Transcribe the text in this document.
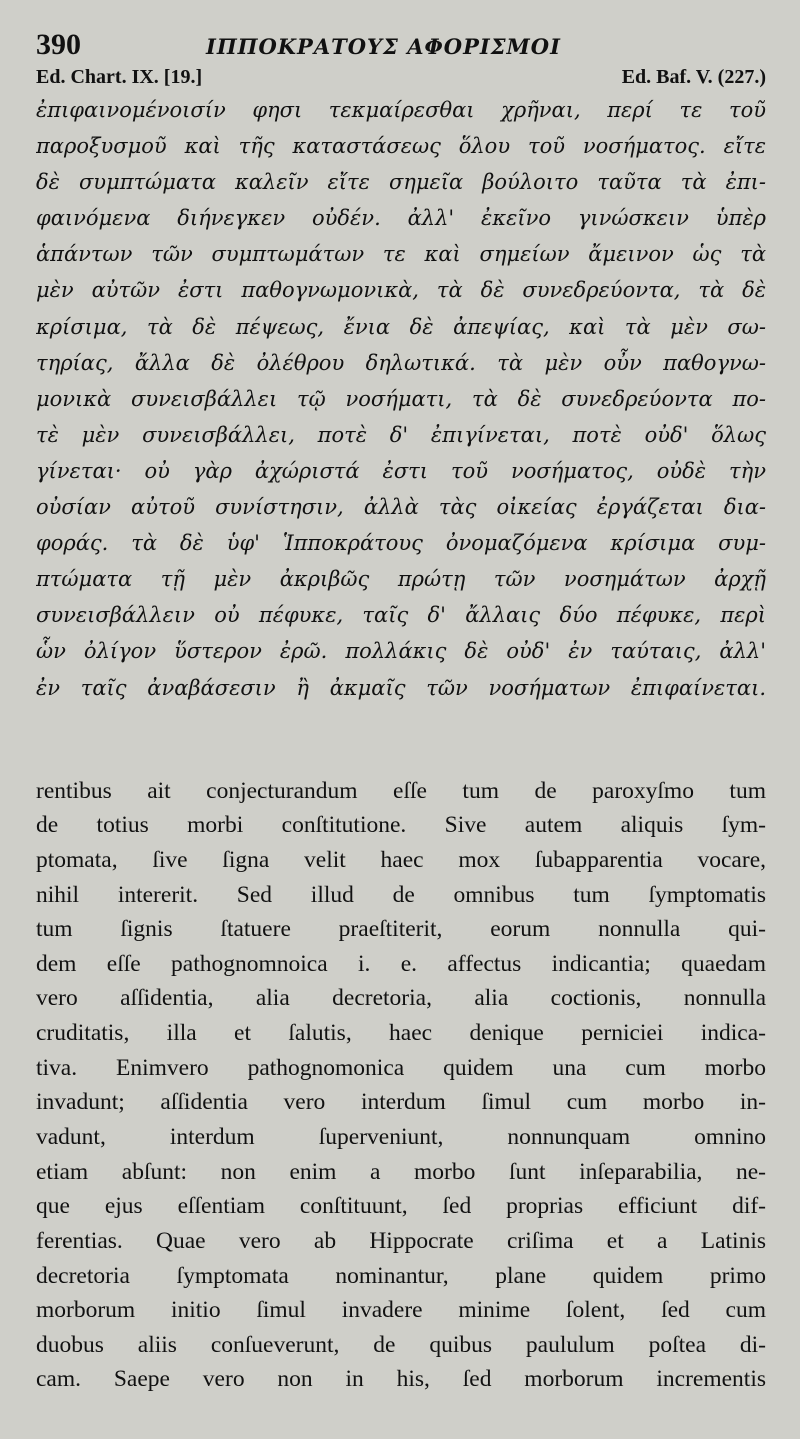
390	ΙΠΠΟΚΡΑΤΟΥΣ ΑΦΟΡΙΣΜΟΙ
Ed. Chart. IX. [19.]	Ed. Baf. V. (227.)
ἐπιφαινομένοισίν φησι τεκμαίρεσθαι χρῆναι, περί τε τοῦ
παροξυσμοῦ καὶ τῆς καταστάσεως ὅλου τοῦ νοσήματος. εἴτε
δὲ συμπτώματα καλεῖν εἴτε σημεῖα βούλοιτο ταῦτα τὰ ἐπι-
φαινόμενα διήνεγκεν οὐδέν. ἀλλ' ἐκεῖνο γινώσκειν ὑπὲρ
ἁπάντων τῶν συμπτωμάτων τε καὶ σημείων ἄμεινον ὡς τὰ
μὲν αὐτῶν ἐστι παθογνωμονικὰ, τὰ δὲ συνεδρεύοντα, τὰ δὲ
κρίσιμα, τὰ δὲ πέψεως, ἔνια δὲ ἀπεψίας, καὶ τὰ μὲν σω-
τηρίας, ἄλλα δὲ ὀλέθρου δηλωτικά. τὰ μὲν οὖν παθογνω-
μονικὰ συνεισβάλλει τῷ νοσήματι, τὰ δὲ συνεδρεύοντα πο-
τὲ μὲν συνεισβάλλει, ποτὲ δ' ἐπιγίνεται, ποτὲ οὐδ' ὅλως
γίνεται· οὐ γὰρ ἀχώριστά ἐστι τοῦ νοσήματος, οὐδὲ τὴν
οὐσίαν αὐτοῦ συνίστησιν, ἀλλὰ τὰς οἰκείας ἐργάζεται δια-
φοράς. τὰ δὲ ὑφ' Ἱπποκράτους ὀνομαζόμενα κρίσιμα συμ-
πτώματα τῇ μὲν ἀκριβῶς πρώτῃ τῶν νοσημάτων ἀρχῇ
συνεισβάλλειν οὐ πέφυκε, ταῖς δ' ἄλλαις δύο πέφυκε, περὶ
ὧν ὀλίγον ὕστερον ἐρῶ. πολλάκις δὲ οὐδ' ἐν ταύταις, ἀλλ'
ἐν ταῖς ἀναβάσεσιν ἢ ἀκμαῖς τῶν νοσήματων ἐπιφαίνεται.
rentibus ait conjecturandum eſſe tum de paroxyſmo tum
de totius morbi conſtitutione. Sive autem aliquis ſym-
ptomata, ſive ſigna velit haec mox ſubapparentia vocare,
nihil intererit. Sed illud de omnibus tum ſymptomatis
tum ſignis ſtatuere praeſtiterit, eorum nonnulla qui-
dem eſſe pathognomnoica i. e. affectus indicantia; quaedam
vero aſſidentia, alia decretoria, alia coctionis, nonnulla
cruditatis, illa et ſalutis, haec denique perniciei indica-
tiva. Enimvero pathognomonica quidem una cum morbo
invadunt; aſſidentia vero interdum ſimul cum morbo in-
vadunt, interdum ſuperveniunt, nonnunquam omnino
etiam abſunt: non enim a morbo ſunt inſeparabilia, ne-
que ejus eſſentiam conſtituunt, ſed proprias efficiunt dif-
ferentias. Quae vero ab Hippocrate criſima et a Latinis
decretoria ſymptomata nominantur, plane quidem primo
morborum initio ſimul invadere minime ſolent, ſed cum
duobus aliis conſueverunt, de quibus paululum poſtea di-
cam. Saepe vero non in his, ſed morborum incrementis
